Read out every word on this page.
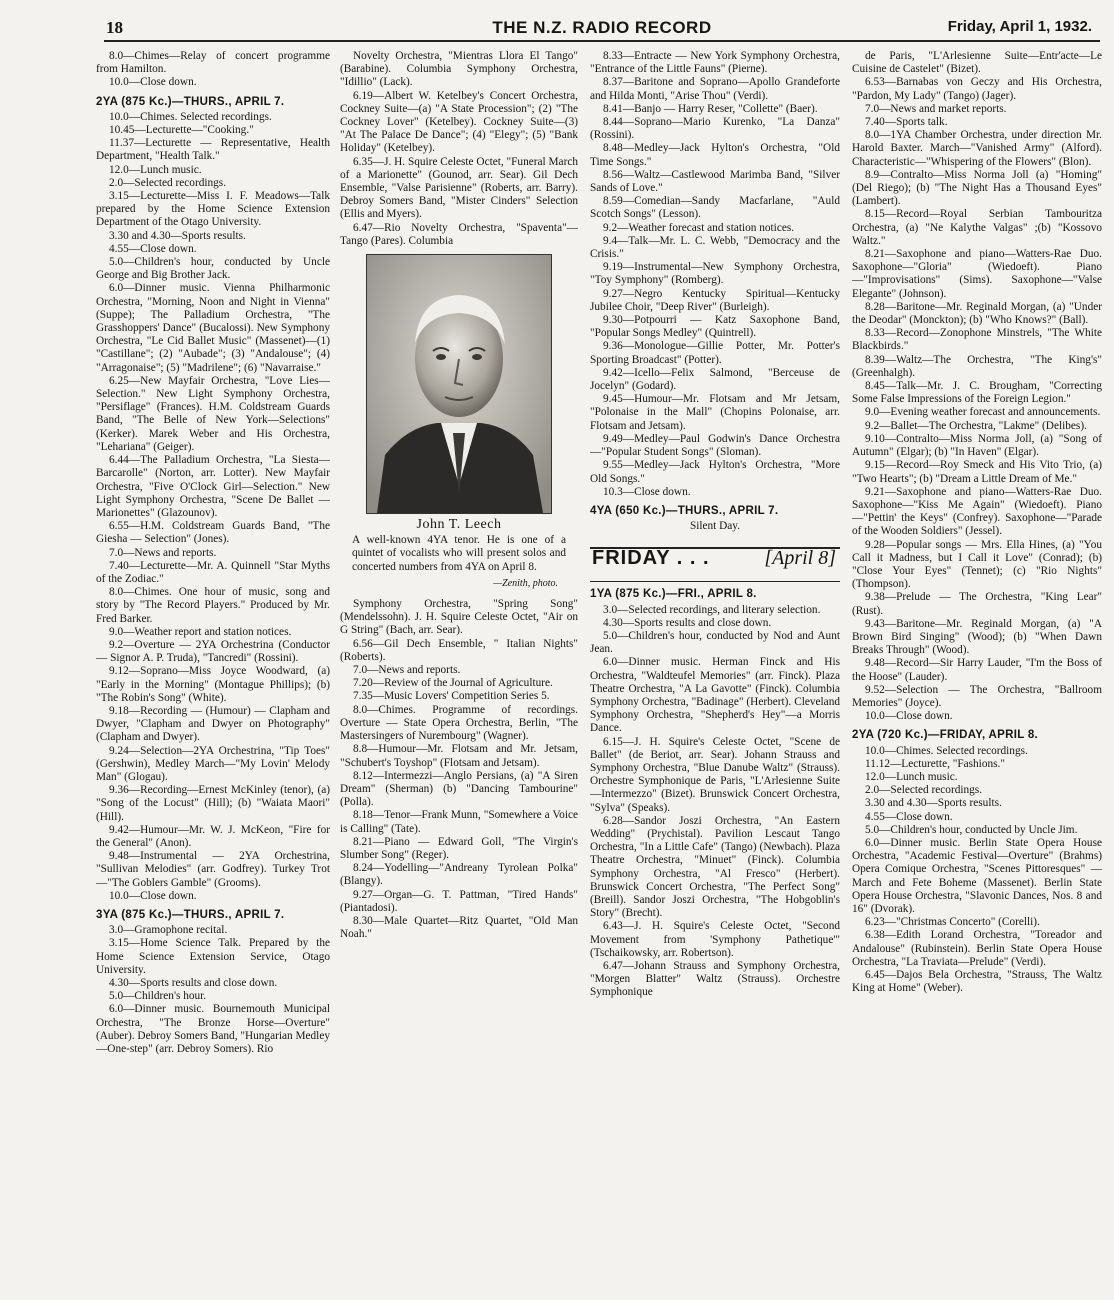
18	THE N.Z. RADIO RECORD	Friday, April 1, 1932.

8.0—Chimes—Relay of concert programme from Hamilton.

10.0—Close down.

2YA (875 Kc.)—THURS., APRIL 7.

10.0—Chimes. Selected recordings.

10.45—Lecturette—"Cooking."

11.37—Lecturette — Representative, Health Department, "Health Talk."

12.0—Lunch music.

2.0—Selected recordings.

3.15—Lecturette—Miss I. F. Meadows—Talk prepared by the Home Science Extension Department of the Otago University.

3.30 and 4.30—Sports results.

4.55—Close down.

5.0—Children's hour, conducted by Uncle George and Big Brother Jack.

6.0—Dinner music. Vienna Philharmonic Orchestra, "Morning, Noon and Night in Vienna" (Suppe); The Palladium Orchestra, "The Grasshoppers' Dance" (Bucalossi). New Symphony Orchestra, "Le Cid Ballet Music" (Massenet)—(1) "Castillane"; (2) "Aubade"; (3) "Andalouse"; (4) "Arragonaise"; (5) "Madrilene"; (6) "Navarraise."

6.25—New Mayfair Orchestra, "Love Lies—Selection." New Light Symphony Orchestra, "Persiflage" (Frances). H.M. Coldstream Guards Band, "The Belle of New York—Selections" (Kerker). Marek Weber and His Orchestra, "Lehariana" (Geiger).

6.44—The Palladium Orchestra, "La Siesta—Barcarolle" (Norton, arr. Lotter). New Mayfair Orchestra, "Five O'Clock Girl—Selection." New Light Symphony Orchestra, "Scene De Ballet —Marionettes" (Glazounov).

6.55—H.M. Coldstream Guards Band, "The Giesha — Selection" (Jones).

7.0—News and reports.

7.40—Lecturette—Mr. A. Quinnell "Star Myths of the Zodiac."

8.0—Chimes. One hour of music, song and story by "The Record Players." Produced by Mr. Fred Barker.

9.0—Weather report and station notices.

9.2—Overture — 2YA Orchestrina (Conductor — Signor A. P. Truda), "Tancredi" (Rossini).

9.12—Soprano—Miss Joyce Woodward, (a) "Early in the Morning" (Montague Phillips); (b) "The Robin's Song" (White).

9.18—Recording — (Humour) — Clapham and Dwyer, "Clapham and Dwyer on Photography" (Clapham and Dwyer).

9.24—Selection—2YA Orchestrina, "Tip Toes" (Gershwin), Medley March—"My Lovin' Melody Man" (Glogau).

9.36—Recording—Ernest McKinley (tenor), (a) "Song of the Locust" (Hill); (b) "Waiata Maori" (Hill).

9.42—Humour—Mr. W. J. McKeon, "Fire for the General" (Anon).

9.48—Instrumental — 2YA Orchestrina, "Sullivan Melodies" (arr. Godfrey). Turkey Trot—"The Goblers Gamble" (Grooms).

10.0—Close down.

3YA (875 Kc.)—THURS., APRIL 7.

3.0—Gramophone recital.

3.15—Home Science Talk. Prepared by the Home Science Extension Service, Otago University.

4.30—Sports results and close down.

5.0—Children's hour.

6.0—Dinner music. Bournemouth Municipal Orchestra, "The Bronze Horse—Overture" (Auber). Debroy Somers Band, "Hungarian Medley—One-step" (arr. Debroy Somers). Rio

Novelty Orchestra, "Mientras Llora El Tango" (Barabine). Columbia Symphony Orchestra, "Idillio" (Lack).

6.19—Albert W. Ketelbey's Concert Orchestra, Cockney Suite—(a) "A State Procession"; (2) "The Cockney Lover" (Ketelbey). Cockney Suite—(3) "At The Palace De Dance"; (4) "Elegy"; (5) "Bank Holiday" (Ketelbey).

6.35—J. H. Squire Celeste Octet, "Funeral March of a Marionette" (Gounod, arr. Sear). Gil Dech Ensemble, "Valse Parisienne" (Roberts, arr. Barry). Debroy Somers Band, "Mister Cinders" Selection (Ellis and Myers).

6.47—Rio Novelty Orchestra, "Spaventa"—Tango (Pares). Columbia

John T. Leech
A well-known 4YA tenor. He is one of a quintet of vocalists who will present solos and concerted numbers from 4YA on April 8.
—Zenith, photo.

Symphony Orchestra, "Spring Song" (Mendelssohn). J. H. Squire Celeste Octet, "Air on G String" (Bach, arr. Sear).

6.56—Gil Dech Ensemble, " Italian Nights" (Roberts).

7.0—News and reports.

7.20—Review of the Journal of Agriculture.

7.35—Music Lovers' Competition Series 5.

8.0—Chimes. Programme of recordings. Overture — State Opera Orchestra, Berlin, "The Mastersingers of Nurembourg" (Wagner).

8.8—Humour—Mr. Flotsam and Mr. Jetsam, "Schubert's Toyshop" (Flotsam and Jetsam).

8.12—Intermezzi—Anglo Persians, (a) "A Siren Dream" (Sherman) (b) "Dancing Tambourine" (Polla).

8.18—Tenor—Frank Munn, "Somewhere a Voice is Calling" (Tate).

8.21—Piano — Edward Goll, "The Virgin's Slumber Song" (Reger).

8.24—Yodelling—"Andreany Tyrolean Polka" (Blangy).

9.27—Organ—G. T. Pattman, "Tired Hands" (Piantadosi).

8.30—Male Quartet—Ritz Quartet, "Old Man Noah."

8.33—Entracte — New York Symphony Orchestra, "Entrance of the Little Fauns" (Pierne).

8.37—Baritone and Soprano—Apollo Grandeforte and Hilda Monti, "Arise Thou" (Verdi).

8.41—Banjo — Harry Reser, "Collette" (Baer).

8.44—Soprano—Mario Kurenko, "La Danza" (Rossini).

8.48—Medley—Jack Hylton's Orchestra, "Old Time Songs."

8.56—Waltz—Castlewood Marimba Band, "Silver Sands of Love."

8.59—Comedian—Sandy Macfarlane, "Auld Scotch Songs" (Lesson).

9.2—Weather forecast and station notices.

9.4—Talk—Mr. L. C. Webb, "Democracy and the Crisis."

9.19—Instrumental—New Symphony Orchestra, "Toy Symphony" (Romberg).

9.27—Negro Kentucky Spiritual—Kentucky Jubilee Choir, "Deep River" (Burleigh).

9.30—Potpourri — Katz Saxophone Band, "Popular Songs Medley" (Quintrell).

9.36—Monologue—Gillie Potter, Mr. Potter's Sporting Broadcast" (Potter).

9.42—Icello—Felix Salmond, "Berceuse de Jocelyn" (Godard).

9.45—Humour—Mr. Flotsam and Mr Jetsam, "Polonaise in the Mall" (Chopins Polonaise, arr. Flotsam and Jetsam).

9.49—Medley—Paul Godwin's Dance Orchestra—"Popular Student Songs" (Sloman).

9.55—Medley—Jack Hylton's Orchestra, "More Old Songs."

10.3—Close down.

4YA (650 Kc.)—THURS., APRIL 7.

Silent Day.

FRIDAY . . .	[April 8]

1YA (875 Kc.)—FRI., APRIL 8.

3.0—Selected recordings, and literary selection.

4.30—Sports results and close down.

5.0—Children's hour, conducted by Nod and Aunt Jean.

6.0—Dinner music. Herman Finck and His Orchestra, "Waldteufel Memories" (arr. Finck). Plaza Theatre Orchestra, "A La Gavotte" (Finck). Columbia Symphony Orchestra, "Badinage" (Herbert). Cleveland Symphony Orchestra, "Shepherd's Hey"—a Morris Dance.

6.15—J. H. Squire's Celeste Octet, "Scene de Ballet" (de Beriot, arr. Sear). Johann Strauss and Symphony Orchestra, "Blue Danube Waltz" (Strauss). Orchestre Symphonique de Paris, "L'Arlesienne Suite—Intermezzo" (Bizet). Brunswick Concert Orchestra, "Sylva" (Speaks).

6.28—Sandor Joszi Orchestra, "An Eastern Wedding" (Prychistal). Pavilion Lescaut Tango Orchestra, "In a Little Cafe" (Tango) (Newbach). Plaza Theatre Orchestra, "Minuet" (Finck). Columbia Symphony Orchestra, "Al Fresco" (Herbert). Brunswick Concert Orchestra, "The Perfect Song" (Breill). Sandor Joszi Orchestra, "The Hobgoblin's Story" (Brecht).

6.43—J. H. Squire's Celeste Octet, "Second Movement from 'Symphony Pathetique'" (Tschaikowsky, arr. Robertson).

6.47—Johann Strauss and Symphony Orchestra, "Morgen Blatter" Waltz (Strauss). Orchestre Symphonique

de Paris, "L'Arlesienne Suite—Entr'acte—Le Cuisine de Castelet" (Bizet).

6.53—Barnabas von Geczy and His Orchestra, "Pardon, My Lady" (Tango) (Jager).

7.0—News and market reports.

7.40—Sports talk.

8.0—1YA Chamber Orchestra, under direction Mr. Harold Baxter. March—"Vanished Army" (Alford). Characteristic—"Whispering of the Flowers" (Blon).

8.9—Contralto—Miss Norma Joll (a) "Homing" (Del Riego); (b) "The Night Has a Thousand Eyes" (Lambert).

8.15—Record—Royal Serbian Tambouritza Orchestra, (a) "Ne Kalythe Valgas" ;(b) "Kossovo Waltz."

8.21—Saxophone and piano—Watters-Rae Duo. Saxophone—"Gloria" (Wiedoeft). Piano—"Improvisations" (Sims). Saxophone—"Valse Elegante" (Johnson).

8.28—Baritone—Mr. Reginald Morgan, (a) "Under the Deodar" (Monckton); (b) "Who Knows?" (Ball).

8.33—Record—Zonophone Minstrels, "The White Blackbirds."

8.39—Waltz—The Orchestra, "The King's" (Greenhalgh).

8.45—Talk—Mr. J. C. Brougham, "Correcting Some False Impressions of the Foreign Legion."

9.0—Evening weather forecast and announcements.

9.2—Ballet—The Orchestra, "Lakme" (Delibes).

9.10—Contralto—Miss Norma Joll, (a) "Song of Autumn" (Elgar); (b) "In Haven" (Elgar).

9.15—Record—Roy Smeck and His Vito Trio, (a) "Two Hearts"; (b) "Dream a Little Dream of Me."

9.21—Saxophone and piano—Watters-Rae Duo. Saxophone—"Kiss Me Again" (Wiedoeft). Piano—"Pettin' the Keys" (Confrey). Saxophone—"Parade of the Wooden Soldiers" (Jessel).

9.28—Popular songs — Mrs. Ella Hines, (a) "You Call it Madness, but I Call it Love" (Conrad); (b) "Close Your Eyes" (Tennet); (c) "Rio Nights" (Thompson).

9.38—Prelude — The Orchestra, "King Lear" (Rust).

9.43—Baritone—Mr. Reginald Morgan, (a) "A Brown Bird Singing" (Wood); (b) "When Dawn Breaks Through" (Wood).

9.48—Record—Sir Harry Lauder, "I'm the Boss of the Hoose" (Lauder).

9.52—Selection — The Orchestra, "Ballroom Memories" (Joyce).

10.0—Close down.

2YA (720 Kc.)—FRIDAY, APRIL 8.

10.0—Chimes. Selected recordings.

11.12—Lecturette, "Fashions."

12.0—Lunch music.

2.0—Selected recordings.

3.30 and 4.30—Sports results.

4.55—Close down.

5.0—Children's hour, conducted by Uncle Jim.

6.0—Dinner music. Berlin State Opera House Orchestra, "Academic Festival—Overture" (Brahms) Opera Comique Orchestra, "Scenes Pittoresques" — March and Fete Boheme (Massenet). Berlin State Opera House Orchestra, "Slavonic Dances, Nos. 8 and 16" (Dvorak).

6.23—"Christmas Concerto" (Corelli).

6.38—Edith Lorand Orchestra, "Toreador and Andalouse" (Rubinstein). Berlin State Opera House Orchestra, "La Traviata—Prelude" (Verdi).

6.45—Dajos Bela Orchestra, "Strauss, The Waltz King at Home" (Weber).
